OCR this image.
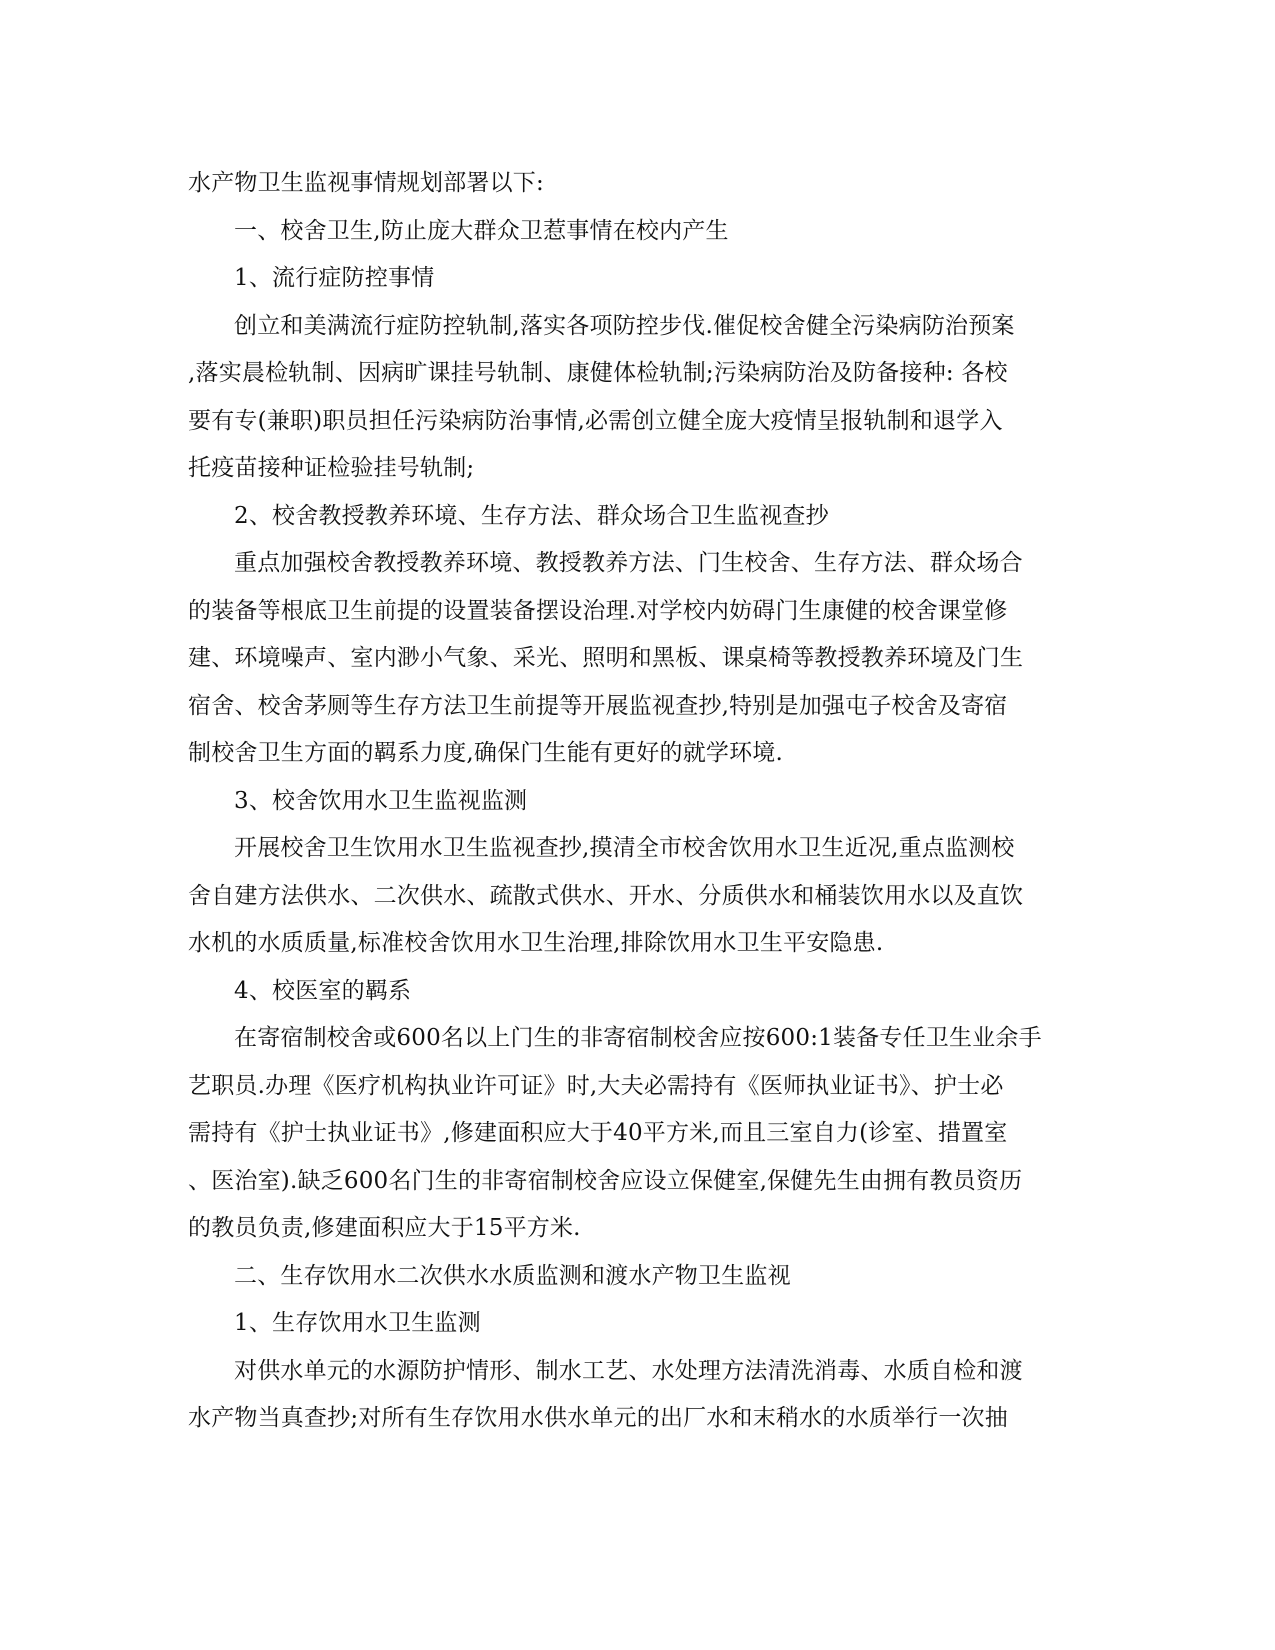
水产物卫生监视事情规划部署以下:
一、校舍卫生,防止庞大群众卫惹事情在校内产生
1、流行症防控事情
创立和美满流行症防控轨制,落实各项防控步伐.催促校舍健全污染病防治预案
,落实晨检轨制、因病旷课挂号轨制、康健体检轨制;污染病防治及防备接种: 各校
要有专(兼职)职员担任污染病防治事情,必需创立健全庞大疫情呈报轨制和退学入
托疫苗接种证检验挂号轨制;
2、校舍教授教养环境、生存方法、群众场合卫生监视查抄
重点加强校舍教授教养环境、教授教养方法、门生校舍、生存方法、群众场合
的装备等根底卫生前提的设置装备摆设治理.对学校内妨碍门生康健的校舍课堂修
建、环境噪声、室内渺小气象、采光、照明和黑板、课桌椅等教授教养环境及门生
宿舍、校舍茅厕等生存方法卫生前提等开展监视查抄,特别是加强屯子校舍及寄宿
制校舍卫生方面的羁系力度,确保门生能有更好的就学环境.
3、校舍饮用水卫生监视监测
开展校舍卫生饮用水卫生监视查抄,摸清全市校舍饮用水卫生近况,重点监测校
舍自建方法供水、二次供水、疏散式供水、开水、分质供水和桶装饮用水以及直饮
水机的水质质量,标准校舍饮用水卫生治理,排除饮用水卫生平安隐患.
4、校医室的羁系
在寄宿制校舍或600名以上门生的非寄宿制校舍应按600:1装备专任卫生业余手
艺职员.办理《医疗机构执业许可证》时,大夫必需持有《医师执业证书》、护士必
需持有《护士执业证书》,修建面积应大于40平方米,而且三室自力(诊室、措置室
、医治室).缺乏600名门生的非寄宿制校舍应设立保健室,保健先生由拥有教员资历
的教员负责,修建面积应大于15平方米.
二、生存饮用水二次供水水质监测和渡水产物卫生监视
1、生存饮用水卫生监测
对供水单元的水源防护情形、制水工艺、水处理方法清洗消毒、水质自检和渡
水产物当真查抄;对所有生存饮用水供水单元的出厂水和末稍水的水质举行一次抽
